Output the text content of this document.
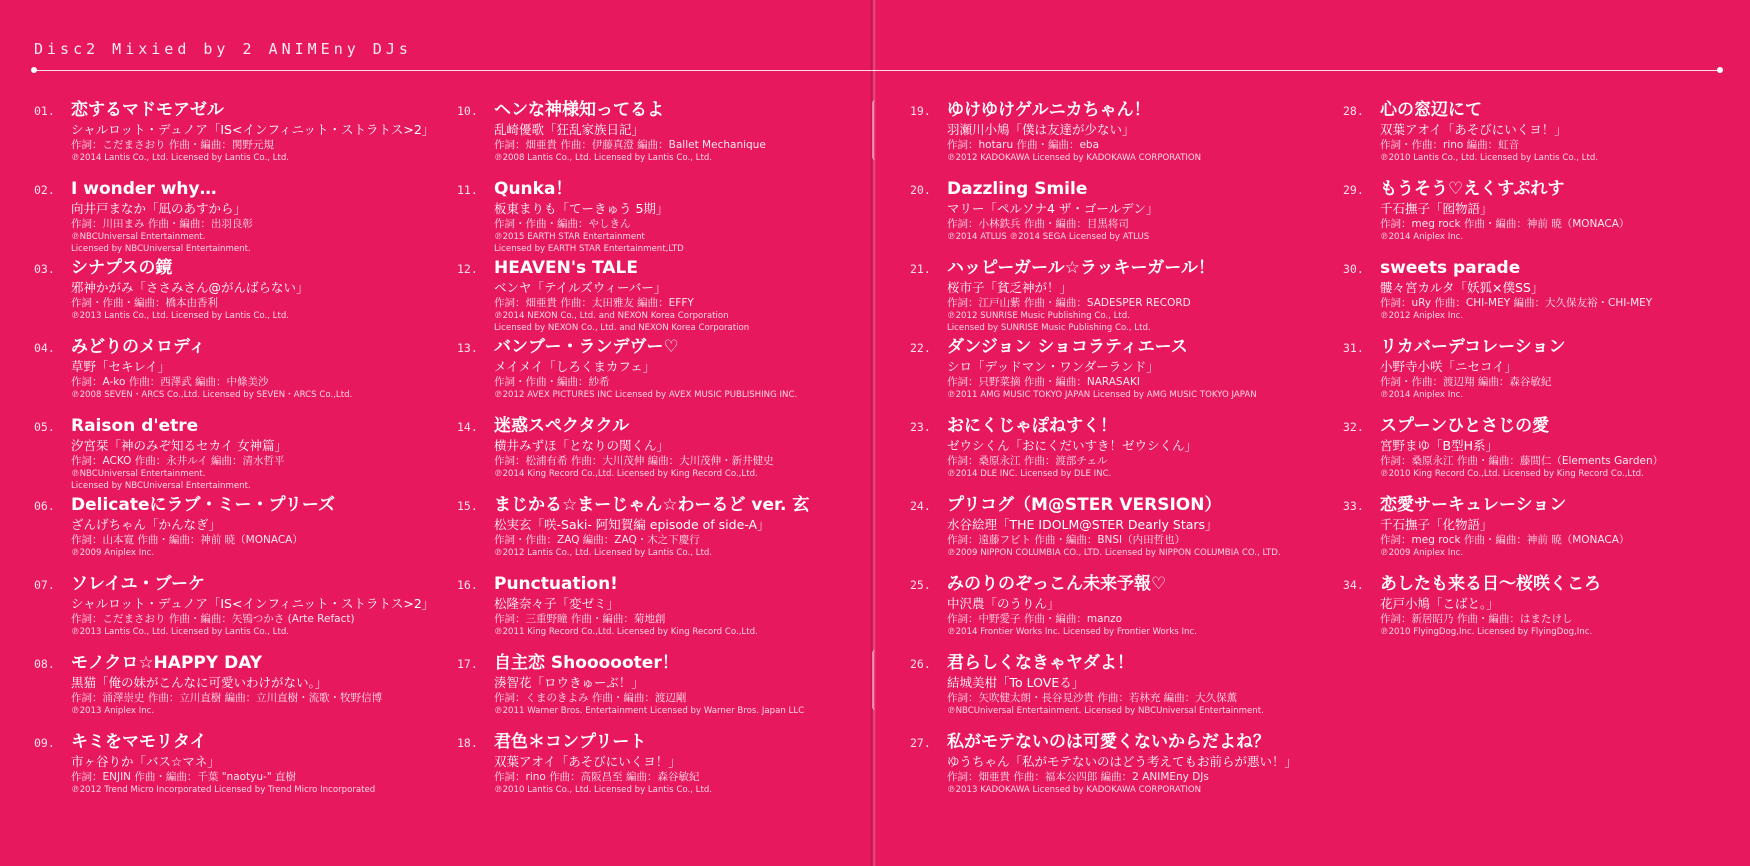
Disc2 Mixied by 2 ANIMEny DJs
01. 恋するマドモアゼル
シャルロット・デュノア「IS<インフィニット・ストラトス>2」
作詞：こだまさおり 作曲・編曲：関野元規
℗2014 Lantis Co., Ltd. Licensed by Lantis Co., Ltd.
02. I wonder why…
向井戸まなか「凪のあすから」
作詞：川田まみ 作曲・編曲：出羽良彰
℗NBCUniversal Entertainment.
Licensed by NBCUniversal Entertainment.
03. シナプスの鏡
邪神かがみ「ささみさん@がんばらない」
作詞・作曲・編曲：橋本由香利
℗2013 Lantis Co., Ltd. Licensed by Lantis Co., Ltd.
04. みどりのメロディ
草野「セキレイ」
作詞：A-ko 作曲：西澤武 編曲：中條美沙
℗2008 SEVEN・ARCS Co.,Ltd. Licensed by SEVEN・ARCS Co.,Ltd.
05. Raison d'etre
汐宮栞「神のみぞ知るセカイ 女神篇」
作詞：ACKO 作曲：永井ルイ 編曲：清水哲平
℗NBCUniversal Entertainment.
Licensed by NBCUniversal Entertainment.
06. Delicateにラブ・ミー・プリーズ
ざんげちゃん「かんなぎ」
作詞：山本寛 作曲・編曲：神前 暁（MONACA）
℗2009 Aniplex Inc.
07. ソレイユ・ブーケ
シャルロット・デュノア「IS<インフィニット・ストラトス>2」
作詞：こだまさおり 作曲・編曲：矢鴇つかさ (Arte Refact)
℗2013 Lantis Co., Ltd. Licensed by Lantis Co., Ltd.
08. モノクロ☆HAPPY DAY
黒猫「俺の妹がこんなに可愛いわけがない。」
作詞：涌澤崇史 作曲：立川直樹 編曲：立川直樹・流歌・牧野信博
℗2013 Aniplex Inc.
09. キミをマモリタイ
市ヶ谷りか「バス☆マネ」
作詞：ENJIN 作曲・編曲：千葉 "naotyu-" 直樹
℗2012 Trend Micro Incorporated Licensed by Trend Micro Incorporated
10. ヘンな神様知ってるよ
乱崎優歌「狂乱家族日記」
作詞：畑亜貴 作曲：伊藤真澄 編曲：Ballet Mechanique
℗2008 Lantis Co., Ltd. Licensed by Lantis Co., Ltd.
11. Qunka！
板東まりも「てーきゅう 5期」
作詞・作曲・編曲：やしきん
℗2015 EARTH STAR Entertainment
Licensed by EARTH STAR Entertainment,LTD
12. HEAVEN's TALE
ベンヤ「テイルズウィーバー」
作詞：畑亜貴 作曲：太田雅友 編曲：EFFY
℗2014 NEXON Co., Ltd. and NEXON Korea Corporation
Licensed by NEXON Co., Ltd. and NEXON Korea Corporation
13. バンブー・ランデヴー♡
メイメイ「しろくまカフェ」
作詞・作曲・編曲：紗希
℗2012 AVEX PICTURES INC Licensed by AVEX MUSIC PUBLISHING INC.
14. 迷惑スペクタクル
横井みずほ「となりの関くん」
作詞：松浦有希 作曲：大川茂伸 編曲：大川茂伸・新井健史
℗2014 King Record Co.,Ltd. Licensed by King Record Co.,Ltd.
15. まじかる☆まーじゃん☆わーるど ver. 玄
松実玄「咲-Saki- 阿知賀編 episode of side-A」
作詞・作曲：ZAQ 編曲：ZAQ・木之下慶行
℗2012 Lantis Co., Ltd. Licensed by Lantis Co., Ltd.
16. Punctuation!
松隆奈々子「変ゼミ」
作詞：三重野瞳 作曲・編曲：菊地創
℗2011 King Record Co.,Ltd. Licensed by King Record Co.,Ltd.
17. 自主恋 Shoooooter！
湊智花「ロウきゅーぶ！」
作詞：くまのきよみ 作曲・編曲：渡辺剛
℗2011 Warner Bros. Entertainment Licensed by Warner Bros. Japan LLC
18. 君色＊コンプリート
双葉アオイ「あそびにいくヨ！」
作詞：rino 作曲：高阪昌至 編曲：森谷敏紀
℗2010 Lantis Co., Ltd. Licensed by Lantis Co., Ltd.
19. ゆけゆけゲルニカちゃん！
羽瀬川小鳩「僕は友達が少ない」
作詞：hotaru 作曲・編曲：eba
℗2012 KADOKAWA Licensed by KADOKAWA CORPORATION
20. Dazzling Smile
マリー「ペルソナ4 ザ・ゴールデン」
作詞：小林鉄兵 作曲・編曲：目黒将司
℗2014 ATLUS ℗2014 SEGA Licensed by ATLUS
21. ハッピーガール☆ラッキーガール！
桜市子「貧乏神が！」
作詞：江戸山紫 作曲・編曲：SADESPER RECORD
℗2012 SUNRISE Music Publishing Co., Ltd.
Licensed by SUNRISE Music Publishing Co., Ltd.
22. ダンジョン ショコラティエース
シロ「デッドマン・ワンダーランド」
作詞：只野菜摘 作曲・編曲：NARASAKI
℗2011 AMG MUSIC TOKYO JAPAN Licensed by AMG MUSIC TOKYO JAPAN
23. おにくじゃぽねすく！
ゼウシくん「おにくだいすき！ゼウシくん」
作詞：桑原永江 作曲：渡部チェル
℗2014 DLE INC. Licensed by DLE INC.
24. プリコグ（M@STER VERSION）
水谷絵理「THE IDOLM@STER Dearly Stars」
作詞：遠藤フビト 作曲・編曲：BNSI（内田哲也）
℗2009 NIPPON COLUMBIA CO., LTD. Licensed by NIPPON COLUMBIA CO., LTD.
25. みのりのぞっこん未来予報♡
中沢農「のうりん」
作詞：中野愛子 作曲・編曲：manzo
℗2014 Frontier Works Inc. Licensed by Frontier Works Inc.
26. 君らしくなきゃヤダよ！
結城美柑「To LOVEる」
作詞：矢吹健太朗・長谷見沙貴 作曲：若林充 編曲：大久保薫
℗NBCUniversal Entertainment. Licensed by NBCUniversal Entertainment.
27. 私がモテないのは可愛くないからだよね？
ゆうちゃん「私がモテないのはどう考えてもお前らが悪い！」
作詞：畑亜貴 作曲：福本公四郎 編曲：2 ANIMEny DJs
℗2013 KADOKAWA Licensed by KADOKAWA CORPORATION
28. 心の窓辺にて
双葉アオイ「あそびにいくヨ！」
作詞・作曲：rino 編曲：虹音
℗2010 Lantis Co., Ltd. Licensed by Lantis Co., Ltd.
29. もうそう♡えくすぷれす
千石撫子「囮物語」
作詞：meg rock 作曲・編曲：神前 暁（MONACA）
℗2014 Aniplex Inc.
30. sweets parade
髏々宮カルタ「妖狐×僕SS」
作詞：uRy 作曲：CHI-MEY 編曲：大久保友裕・CHI-MEY
℗2012 Aniplex Inc.
31. リカバーデコレーション
小野寺小咲「ニセコイ」
作詞・作曲：渡辺翔 編曲：森谷敏紀
℗2014 Aniplex Inc.
32. スプーンひとさじの愛
宮野まゆ「B型H系」
作詞：桑原永江 作曲・編曲：藤間仁（Elements Garden）
℗2010 King Record Co.,Ltd. Licensed by King Record Co.,Ltd.
33. 恋愛サーキュレーション
千石撫子「化物語」
作詞：meg rock 作曲・編曲：神前 暁（MONACA）
℗2009 Aniplex Inc.
34. あしたも来る日～桜咲くころ
花戸小鳩「こばと。」
作詞：新居昭乃 作曲・編曲：はまたけし
℗2010 FlyingDog,Inc. Licensed by FlyingDog,Inc.
